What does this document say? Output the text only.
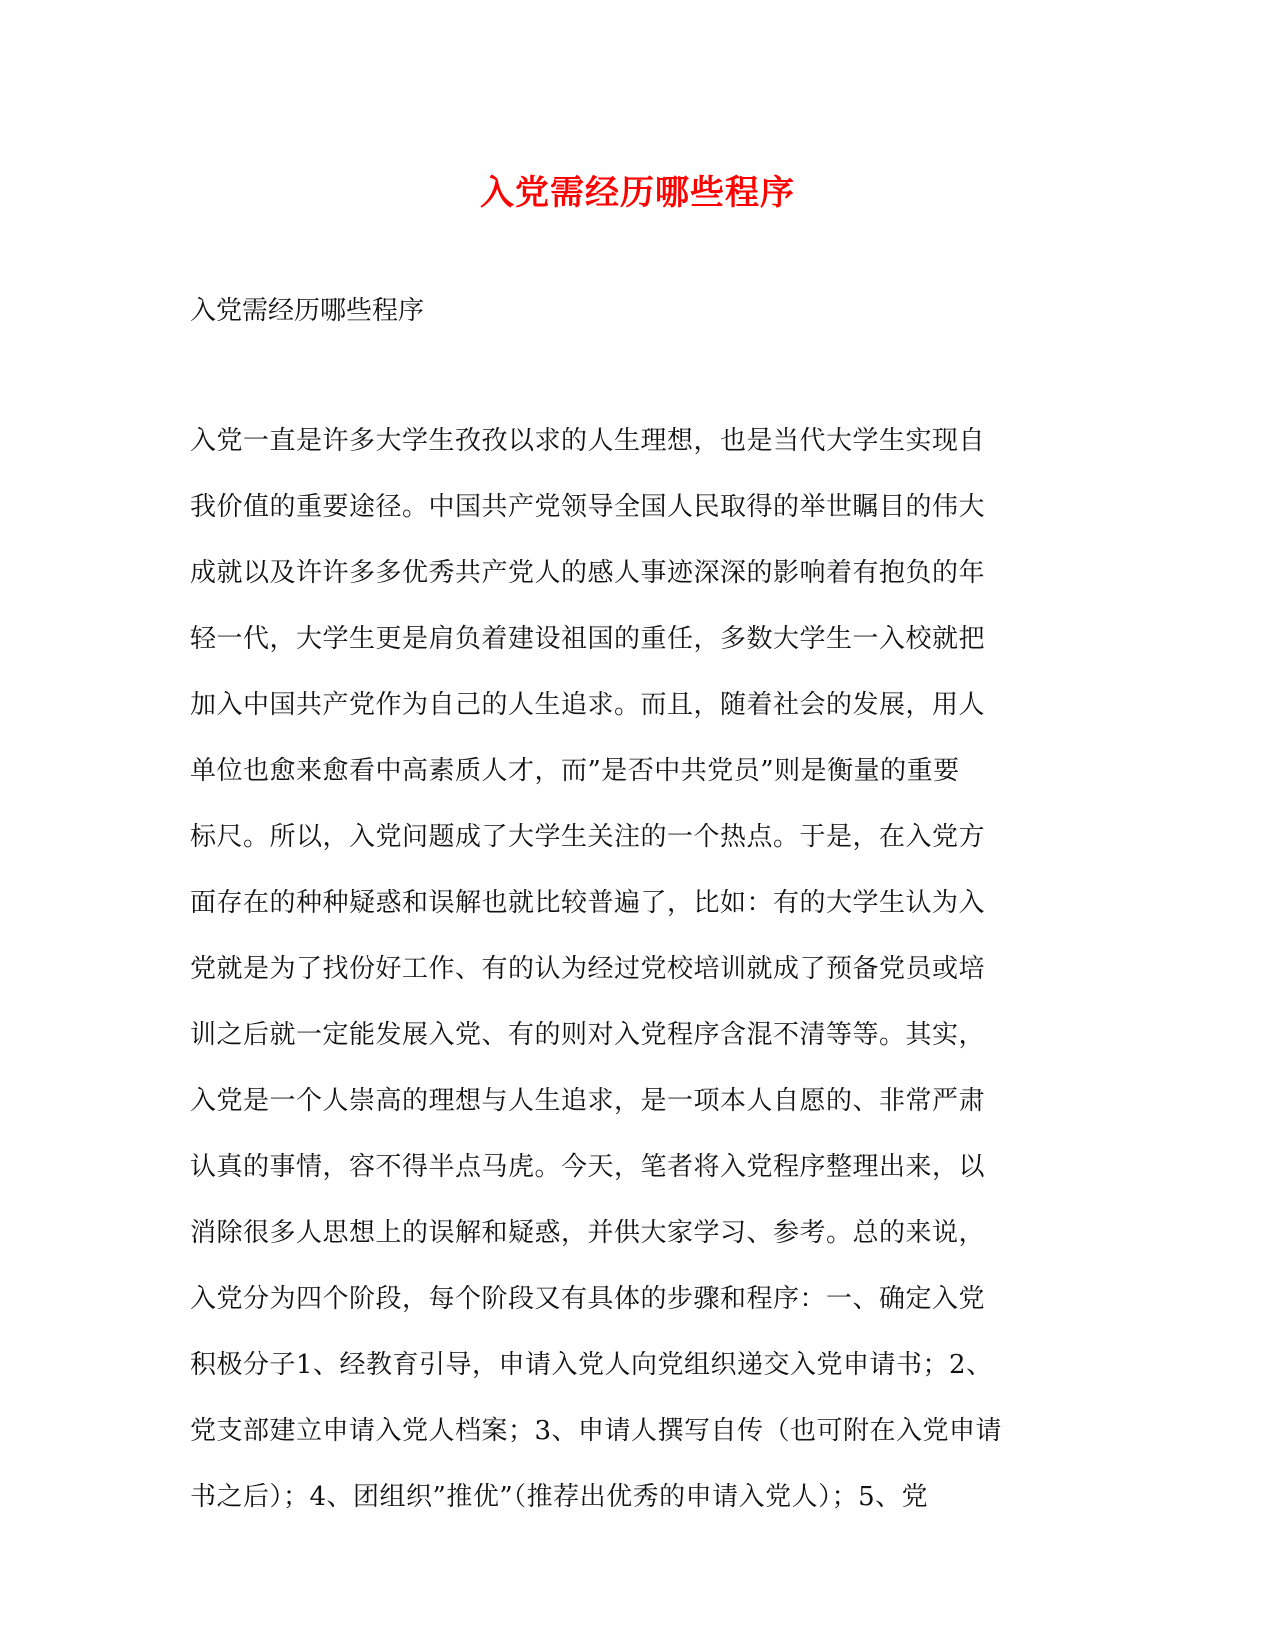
入党需经历哪些程序

入党需经历哪些程序

入党一直是许多大学生孜孜以求的人生理想，也是当代大学生实现自
我价值的重要途径。中国共产党领导全国人民取得的举世瞩目的伟大
成就以及许许多多优秀共产党人的感人事迹深深的影响着有抱负的年
轻一代，大学生更是肩负着建设祖国的重任，多数大学生一入校就把
加入中国共产党作为自己的人生追求。而且，随着社会的发展，用人
单位也愈来愈看中高素质人才，而”是否中共党员”则是衡量的重要
标尺。所以，入党问题成了大学生关注的一个热点。于是，在入党方
面存在的种种疑惑和误解也就比较普遍了，比如：有的大学生认为入
党就是为了找份好工作、有的认为经过党校培训就成了预备党员或培
训之后就一定能发展入党、有的则对入党程序含混不清等等。其实，
入党是一个人崇高的理想与人生追求，是一项本人自愿的、非常严肃
认真的事情，容不得半点马虎。今天，笔者将入党程序整理出来，以
消除很多人思想上的误解和疑惑，并供大家学习、参考。总的来说，
入党分为四个阶段，每个阶段又有具体的步骤和程序：一、确定入党
积极分子1、经教育引导，申请入党人向党组织递交入党申请书；2、
党支部建立申请入党人档案；3、申请人撰写自传（也可附在入党申请
书之后）；4、团组织”推优”（推荐出优秀的申请入党人）；5、党
